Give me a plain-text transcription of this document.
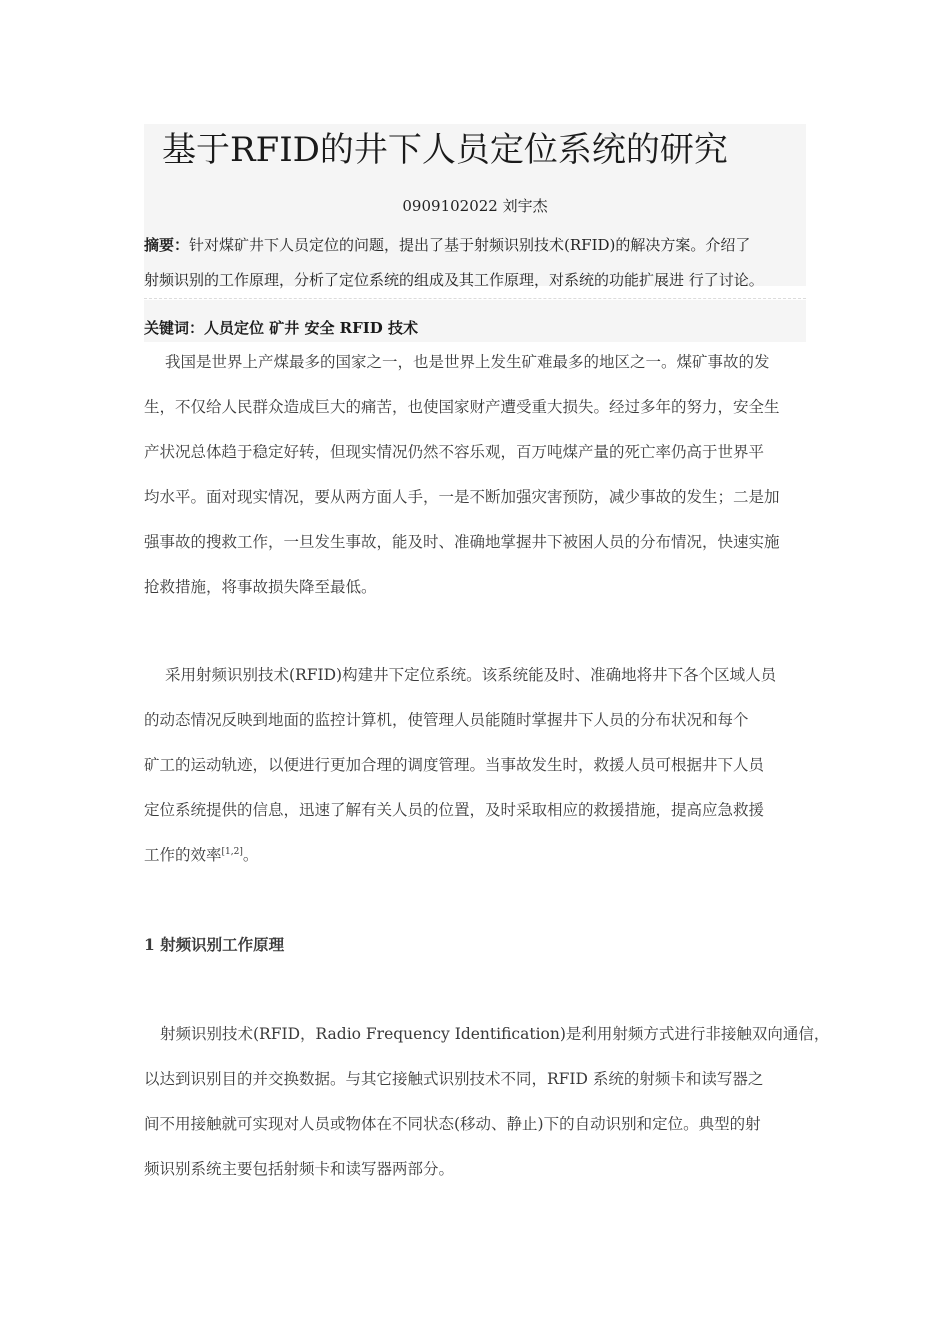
基于RFID的井下人员定位系统的研究
0909102022 刘宇杰
摘要：针对煤矿井下人员定位的问题，提出了基于射频识别技术(RFID)的解决方案。介绍了
射频识别的工作原理，分析了定位系统的组成及其工作原理，对系统的功能扩展进 行了讨论。
关键词：人员定位 矿井 安全 RFID 技术
我国是世界上产煤最多的国家之一，也是世界上发生矿难最多的地区之一。煤矿事故的发
生，不仅给人民群众造成巨大的痛苦，也使国家财产遭受重大损失。经过多年的努力，安全生
产状况总体趋于稳定好转，但现实情况仍然不容乐观，百万吨煤产量的死亡率仍高于世界平
均水平。面对现实情况，要从两方面人手，一是不断加强灾害预防，减少事故的发生；二是加
强事故的搜救工作，一旦发生事故，能及时、准确地掌握井下被困人员的分布情况，快速实施
抢救措施，将事故损失降至最低。
采用射频识别技术(RFID)构建井下定位系统。该系统能及时、准确地将井下各个区域人员
的动态情况反映到地面的监控计算机，使管理人员能随时掌握井下人员的分布状况和每个
矿工的运动轨迹，以便进行更加合理的调度管理。当事故发生时，救援人员可根据井下人员
定位系统提供的信息，迅速了解有关人员的位置，及时采取相应的救援措施，提高应急救援
工作的效率[1,2]。
1 射频识别工作原理
射频识别技术(RFID，Radio Frequency Identification)是利用射频方式进行非接触双向通信，
以达到识别目的并交换数据。与其它接触式识别技术不同，RFID 系统的射频卡和读写器之
间不用接触就可实现对人员或物体在不同状态(移动、静止)下的自动识别和定位。典型的射
频识别系统主要包括射频卡和读写器两部分。
